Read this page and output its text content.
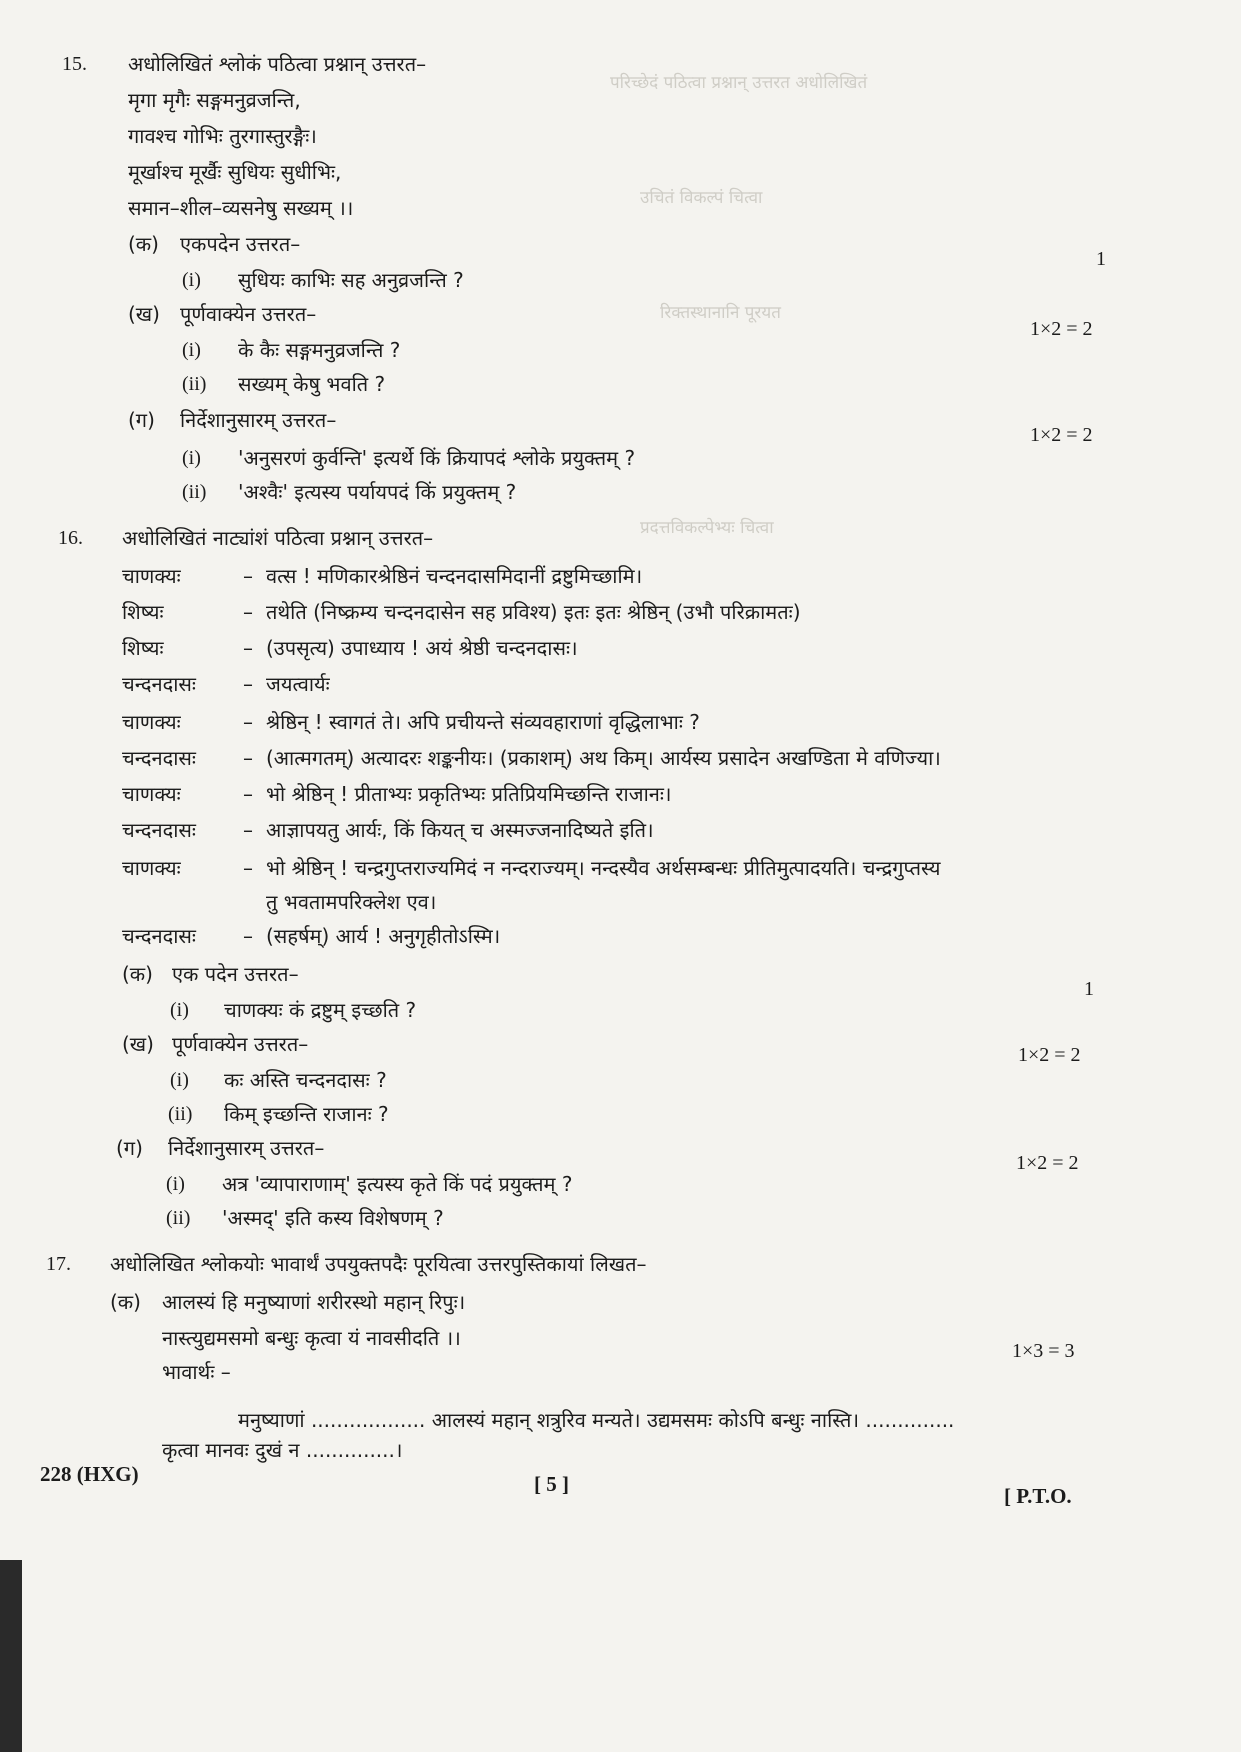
परिच्छेदं पठित्वा प्रश्नान् उत्तरत अधोलिखितं
उचितं विकल्पं चित्वा
रिक्तस्थानानि पूरयत
प्रदत्तविकल्पेभ्यः चित्वा
15. अधोलिखितं श्लोकं पठित्वा प्रश्नान् उत्तरत–
मृगा मृगैः सङ्गमनुव्रजन्ति,
गावश्च गोभिः तुरगास्तुरङ्गैः।
मूर्खाश्च मूर्खैः सुधियः सुधीभिः,
समान–शील–व्यसनेषु सख्यम् ।।
(क) एकपदेन उत्तरत–
1
(i) सुधियः काभिः सह अनुव्रजन्ति ?
(ख) पूर्णवाक्येन उत्तरत–
1×2 = 2
(i) के कैः सङ्गमनुव्रजन्ति ?
(ii) सख्यम् केषु भवति ?
(ग) निर्देशानुसारम् उत्तरत–
1×2 = 2
(i) 'अनुसरणं कुर्वन्ति' इत्यर्थे किं क्रियापदं श्लोके प्रयुक्तम् ?
(ii) 'अश्वैः' इत्यस्य पर्यायपदं किं प्रयुक्तम् ?
16. अधोलिखितं नाट्यांशं पठित्वा प्रश्नान् उत्तरत–
चाणक्यः	– वत्स ! मणिकारश्रेष्ठिनं चन्दनदासमिदानीं द्रष्टुमिच्छामि।
शिष्यः	– तथेति (निष्क्रम्य चन्दनदासेन सह प्रविश्य) इतः इतः श्रेष्ठिन् (उभौ परिक्रामतः)
शिष्यः	– (उपसृत्य) उपाध्याय ! अयं श्रेष्ठी चन्दनदासः।
चन्दनदासः – जयत्वार्यः
चाणक्यः	– श्रेष्ठिन् ! स्वागतं ते। अपि प्रचीयन्ते संव्यवहाराणां वृद्धिलाभाः ?
चन्दनदासः – (आत्मगतम्) अत्यादरः शङ्कनीयः। (प्रकाशम्) अथ किम्। आर्यस्य प्रसादेन अखण्डिता मे वणिज्या।
चाणक्यः	– भो श्रेष्ठिन् ! प्रीताभ्यः प्रकृतिभ्यः प्रतिप्रियमिच्छन्ति राजानः।
चन्दनदासः – आज्ञापयतु आर्यः, किं कियत् च अस्मज्जनादिष्यते इति।
चाणक्यः	– भो श्रेष्ठिन् ! चन्द्रगुप्तराज्यमिदं न नन्दराज्यम्। नन्दस्यैव अर्थसम्बन्धः प्रीतिमुत्पादयति। चन्द्रगुप्तस्य
तु भवतामपरिक्लेश एव।
चन्दनदासः – (सहर्षम्) आर्य ! अनुगृहीतोऽस्मि।
(क) एक पदेन उत्तरत–
1
(i) चाणक्यः कं द्रष्टुम् इच्छति ?
(ख) पूर्णवाक्येन उत्तरत–	1×2 = 2
(i) कः अस्ति चन्दनदासः ?
(ii) किम् इच्छन्ति राजानः ?
(ग) निर्देशानुसारम् उत्तरत–
1×2 = 2
(i) अत्र 'व्यापाराणाम्' इत्यस्य कृते किं पदं प्रयुक्तम् ?
(ii) 'अस्मद्' इति कस्य विशेषणम् ?
17. अधोलिखित श्लोकयोः भावार्थं उपयुक्तपदैः पूरयित्वा उत्तरपुस्तिकायां लिखत–
(क) आलस्यं हि मनुष्याणां शरीरस्थो महान् रिपुः।
नास्त्युद्यमसमो बन्धुः कृत्वा यं नावसीदति ।।
भावार्थः –
1×3 = 3
मनुष्याणां .................. आलस्यं महान् शत्रुरिव मन्यते। उद्यमसमः कोऽपि बन्धुः नास्ति। ..............
कृत्वा मानवः दुखं न ..............।
228 (HXG)	[ 5 ]	[ P.T.O.
